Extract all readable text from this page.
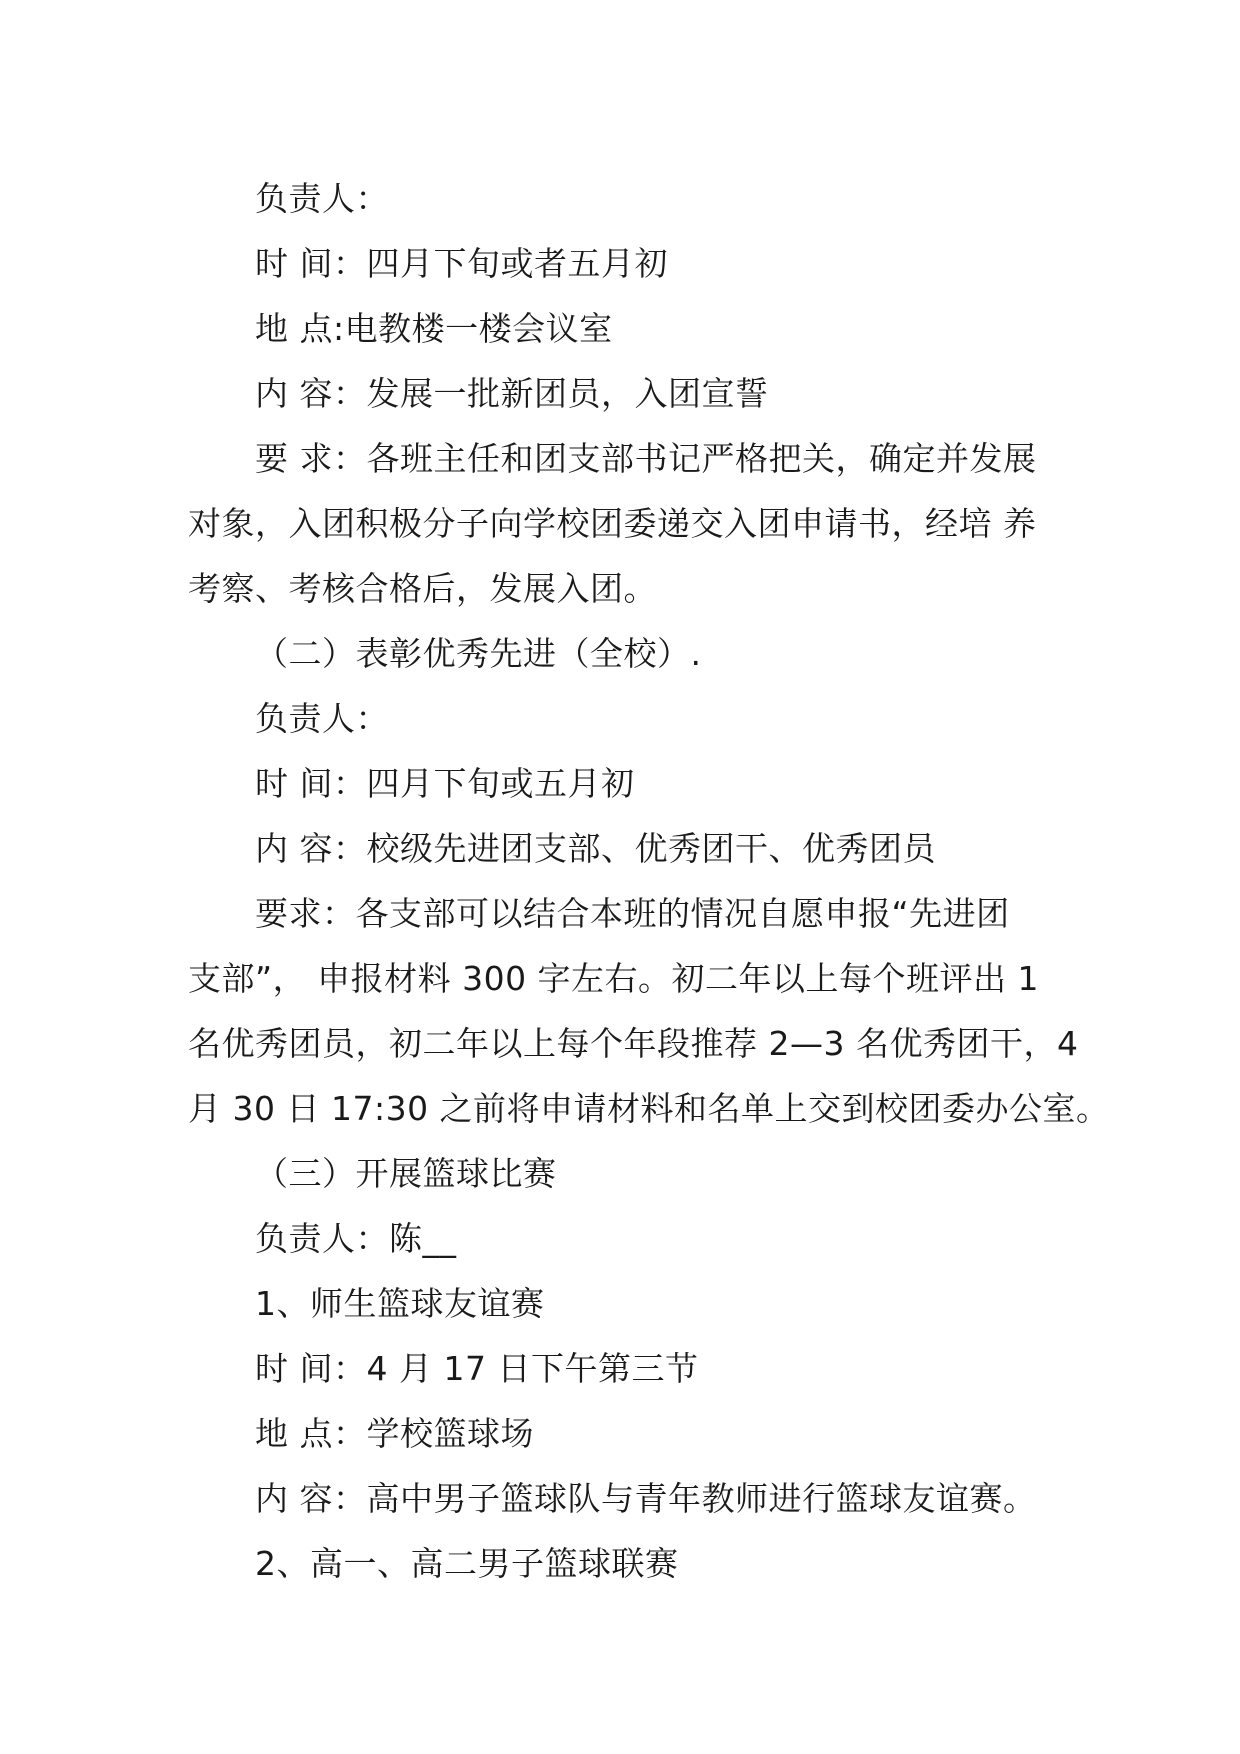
负责人：
时 间：四月下旬或者五月初
地 点:电教楼一楼会议室
内 容：发展一批新团员，入团宣誓
要 求：各班主任和团支部书记严格把关，确定并发展
对象，入团积极分子向学校团委递交入团申请书，经培 养
考察、考核合格后，发展入团。
（二）表彰优秀先进（全校）.
负责人：
时 间：四月下旬或五月初
内 容：校级先进团支部、优秀团干、优秀团员
要求：各支部可以结合本班的情况自愿申报“先进团
支部”， 申报材料 300 字左右。初二年以上每个班评出 1
名优秀团员，初二年以上每个年段推荐 2—3 名优秀团干，4
月 30 日 17:30 之前将申请材料和名单上交到校团委办公室。
（三）开展篮球比赛
负责人：陈__
1、师生篮球友谊赛
时 间：4 月 17 日下午第三节
地 点：学校篮球场
内 容：高中男子篮球队与青年教师进行篮球友谊赛。
2、高一、高二男子篮球联赛
